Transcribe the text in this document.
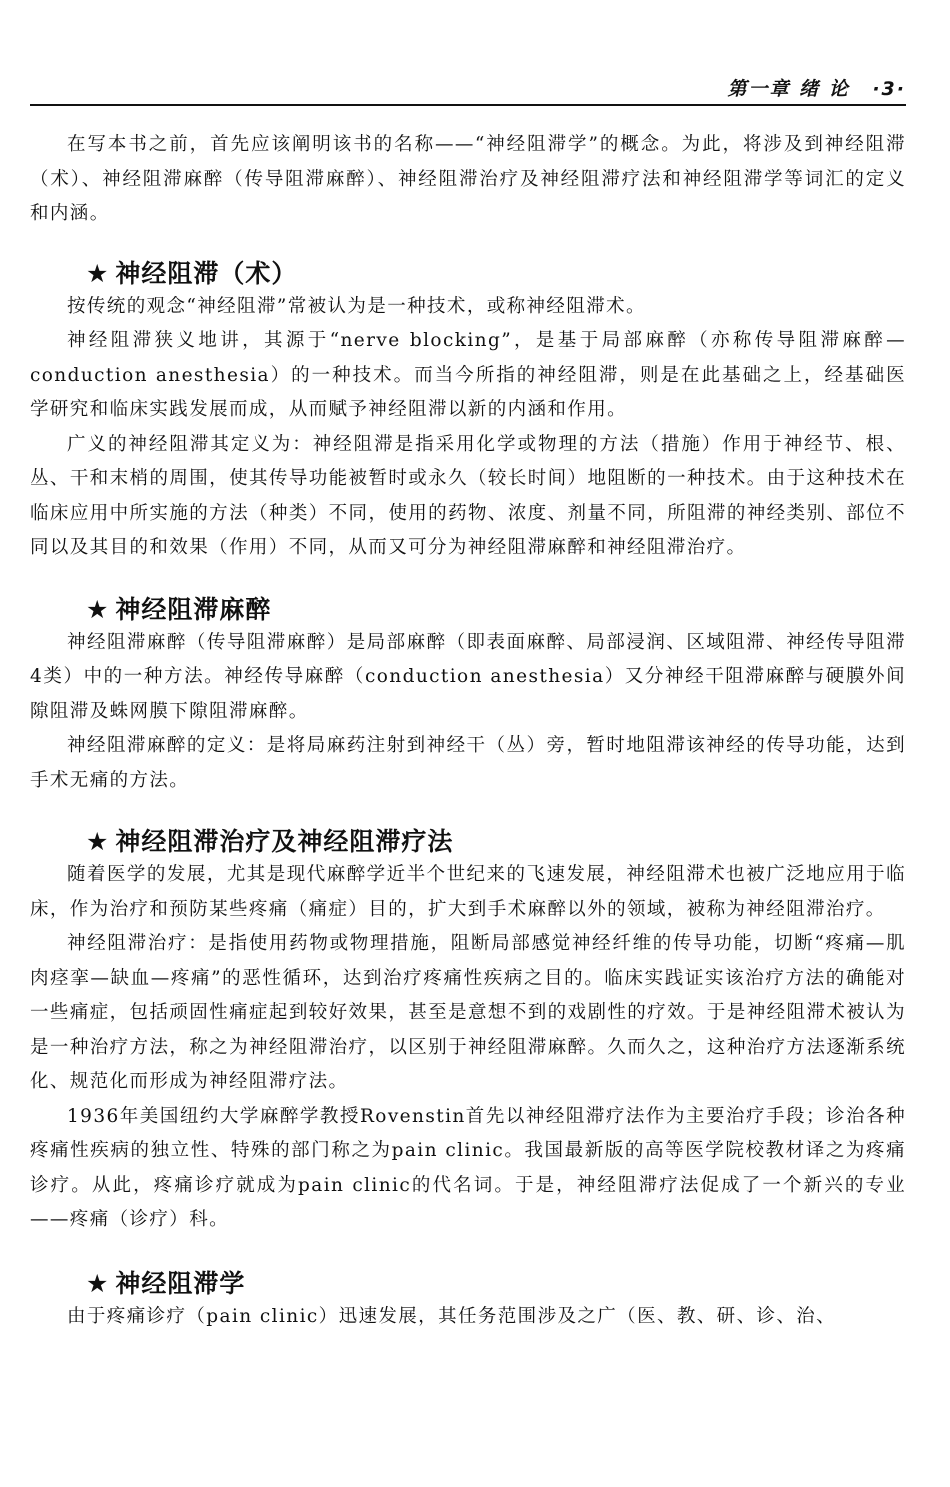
第一章 绪 论 ·3·

在写本书之前，首先应该阐明该书的名称——“神经阻滞学”的概念。为此，将涉及到神经阻滞（术）、神经阻滞麻醉（传导阻滞麻醉）、神经阻滞治疗及神经阻滞疗法和神经阻滞学等词汇的定义和内涵。

★ 神经阻滞（术）

按传统的观念“神经阻滞”常被认为是一种技术，或称神经阻滞术。

神经阻滞狭义地讲，其源于“nerve blocking”，是基于局部麻醉（亦称传导阻滞麻醉—conduction anesthesia）的一种技术。而当今所指的神经阻滞，则是在此基础之上，经基础医学研究和临床实践发展而成，从而赋予神经阻滞以新的内涵和作用。

广义的神经阻滞其定义为：神经阻滞是指采用化学或物理的方法（措施）作用于神经节、根、丛、干和末梢的周围，使其传导功能被暂时或永久（较长时间）地阻断的一种技术。由于这种技术在临床应用中所实施的方法（种类）不同，使用的药物、浓度、剂量不同，所阻滞的神经类别、部位不同以及其目的和效果（作用）不同，从而又可分为神经阻滞麻醉和神经阻滞治疗。

★ 神经阻滞麻醉

神经阻滞麻醉（传导阻滞麻醉）是局部麻醉（即表面麻醉、局部浸润、区域阻滞、神经传导阻滞4类）中的一种方法。神经传导麻醉（conduction anesthesia）又分神经干阻滞麻醉与硬膜外间隙阻滞及蛛网膜下隙阻滞麻醉。

神经阻滞麻醉的定义：是将局麻药注射到神经干（丛）旁，暂时地阻滞该神经的传导功能，达到手术无痛的方法。

★ 神经阻滞治疗及神经阻滞疗法

随着医学的发展，尤其是现代麻醉学近半个世纪来的飞速发展，神经阻滞术也被广泛地应用于临床，作为治疗和预防某些疼痛（痛症）目的，扩大到手术麻醉以外的领域，被称为神经阻滞治疗。

神经阻滞治疗：是指使用药物或物理措施，阻断局部感觉神经纤维的传导功能，切断“疼痛—肌肉痉挛—缺血—疼痛”的恶性循环，达到治疗疼痛性疾病之目的。临床实践证实该治疗方法的确能对一些痛症，包括顽固性痛症起到较好效果，甚至是意想不到的戏剧性的疗效。于是神经阻滞术被认为是一种治疗方法，称之为神经阻滞治疗，以区别于神经阻滞麻醉。久而久之，这种治疗方法逐渐系统化、规范化而形成为神经阻滞疗法。

1936年美国纽约大学麻醉学教授Rovenstin首先以神经阻滞疗法作为主要治疗手段；诊治各种疼痛性疾病的独立性、特殊的部门称之为pain clinic。我国最新版的高等医学院校教材译之为疼痛诊疗。从此，疼痛诊疗就成为pain clinic的代名词。于是，神经阻滞疗法促成了一个新兴的专业——疼痛（诊疗）科。

★ 神经阻滞学

由于疼痛诊疗（pain clinic）迅速发展，其任务范围涉及之广（医、教、研、诊、治、
